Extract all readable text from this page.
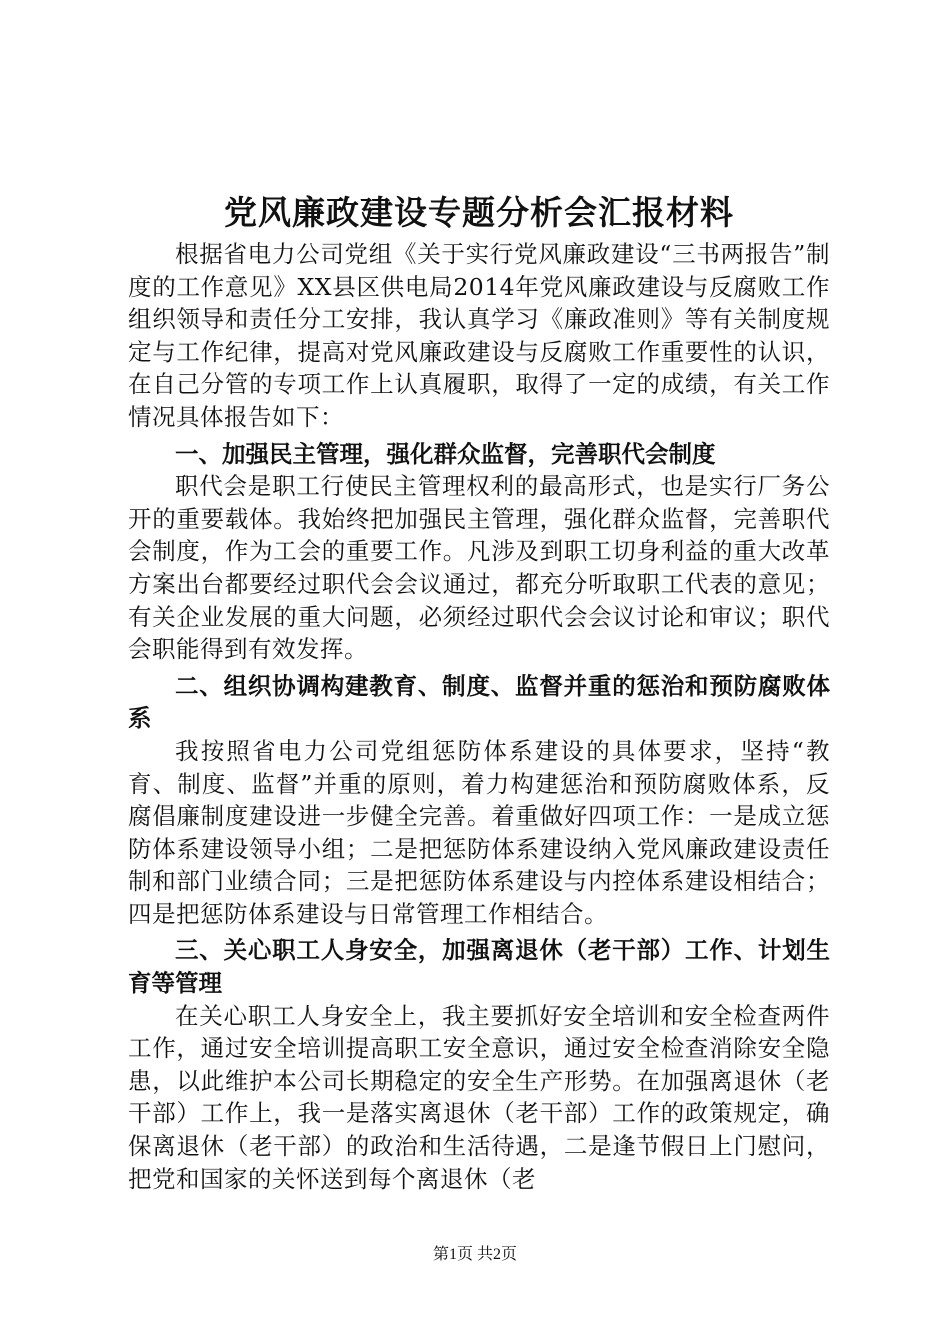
党风廉政建设专题分析会汇报材料

根据省电力公司党组《关于实行党风廉政建设“三书两报告”制度的工作意见》XX县区供电局2014年党风廉政建设与反腐败工作组织领导和责任分工安排，我认真学习《廉政准则》等有关制度规定与工作纪律，提高对党风廉政建设与反腐败工作重要性的认识，在自己分管的专项工作上认真履职，取得了一定的成绩，有关工作情况具体报告如下：

一、加强民主管理，强化群众监督，完善职代会制度

职代会是职工行使民主管理权利的最高形式，也是实行厂务公开的重要载体。我始终把加强民主管理，强化群众监督，完善职代会制度，作为工会的重要工作。凡涉及到职工切身利益的重大改革方案出台都要经过职代会会议通过，都充分听取职工代表的意见；有关企业发展的重大问题，必须经过职代会会议讨论和审议；职代会职能得到有效发挥。

二、组织协调构建教育、制度、监督并重的惩治和预防腐败体系

我按照省电力公司党组惩防体系建设的具体要求，坚持“教育、制度、监督”并重的原则，着力构建惩治和预防腐败体系，反腐倡廉制度建设进一步健全完善。着重做好四项工作：一是成立惩防体系建设领导小组；二是把惩防体系建设纳入党风廉政建设责任制和部门业绩合同；三是把惩防体系建设与内控体系建设相结合；四是把惩防体系建设与日常管理工作相结合。

三、关心职工人身安全，加强离退休（老干部）工作、计划生育等管理

在关心职工人身安全上，我主要抓好安全培训和安全检查两件工作，通过安全培训提高职工安全意识，通过安全检查消除安全隐患，以此维护本公司长期稳定的安全生产形势。在加强离退休（老干部）工作上，我一是落实离退休（老干部）工作的政策规定，确保离退休（老干部）的政治和生活待遇，二是逢节假日上门慰问，把党和国家的关怀送到每个离退休（老

第1页 共2页
